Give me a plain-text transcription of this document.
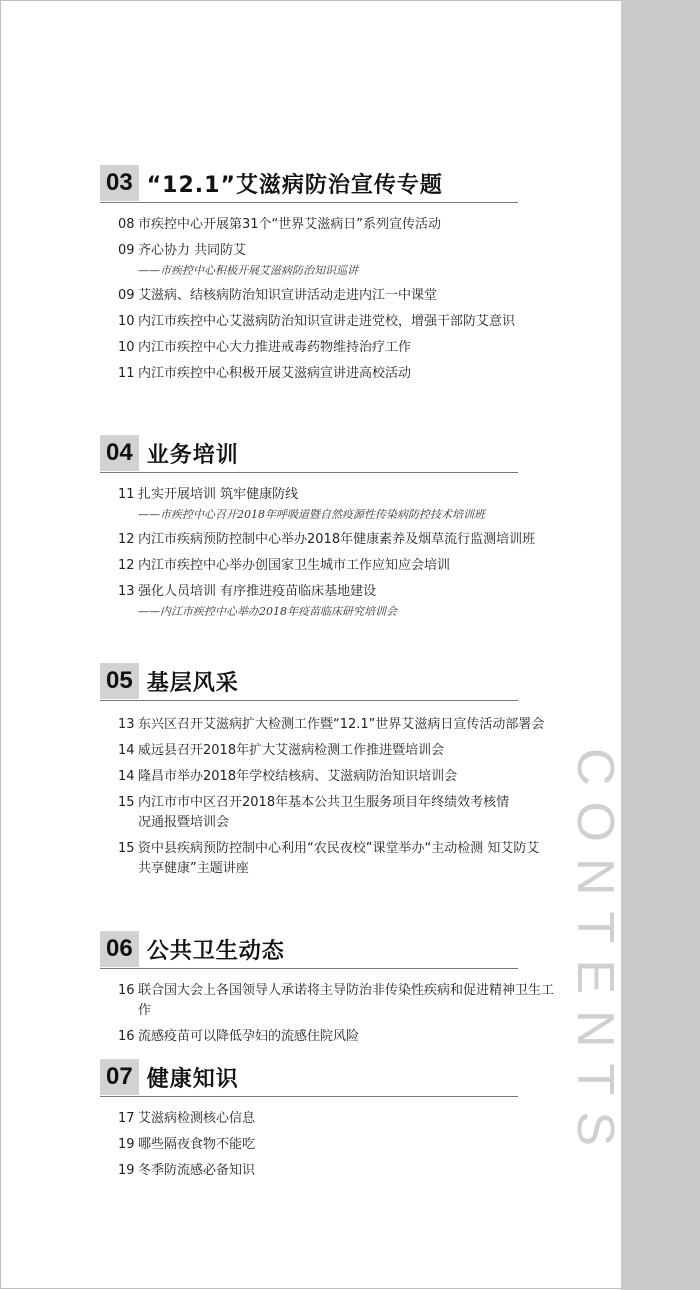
CONTENTS
03 “12.1”艾滋病防治宣传专题
08 市疾控中心开展第31个“世界艾滋病日”系列宣传活动
09 齐心协力 共同防艾
——市疾控中心积极开展艾滋病防治知识巡讲
09 艾滋病、结核病防治知识宣讲活动走进内江一中课堂
10 内江市疾控中心艾滋病防治知识宣讲走进党校，增强干部防艾意识
10 内江市疾控中心大力推进戒毒药物维持治疗工作
11 内江市疾控中心积极开展艾滋病宣讲进高校活动
04 业务培训
11 扎实开展培训 筑牢健康防线
——市疾控中心召开2018年呼吸道暨自然疫源性传染病防控技术培训班
12 内江市疾病预防控制中心举办2018年健康素养及烟草流行监测培训班
12 内江市疾控中心举办创国家卫生城市工作应知应会培训
13 强化人员培训 有序推进疫苗临床基地建设
——内江市疾控中心举办2018年疫苗临床研究培训会
05 基层风采
13 东兴区召开艾滋病扩大检测工作暨“12.1”世界艾滋病日宣传活动部署会
14 威远县召开2018年扩大艾滋病检测工作推进暨培训会
14 隆昌市举办2018年学校结核病、艾滋病防治知识培训会
15 内江市市中区召开2018年基本公共卫生服务项目年终绩效考核情况通报暨培训会
15 资中县疾病预防控制中心利用“农民夜校”课堂举办“主动检测 知艾防艾 共享健康”主题讲座
06 公共卫生动态
16 联合国大会上各国领导人承诺将主导防治非传染性疾病和促进精神卫生工作
16 流感疫苗可以降低孕妇的流感住院风险
07 健康知识
17 艾滋病检测核心信息
19 哪些隔夜食物不能吃
19 冬季防流感必备知识
